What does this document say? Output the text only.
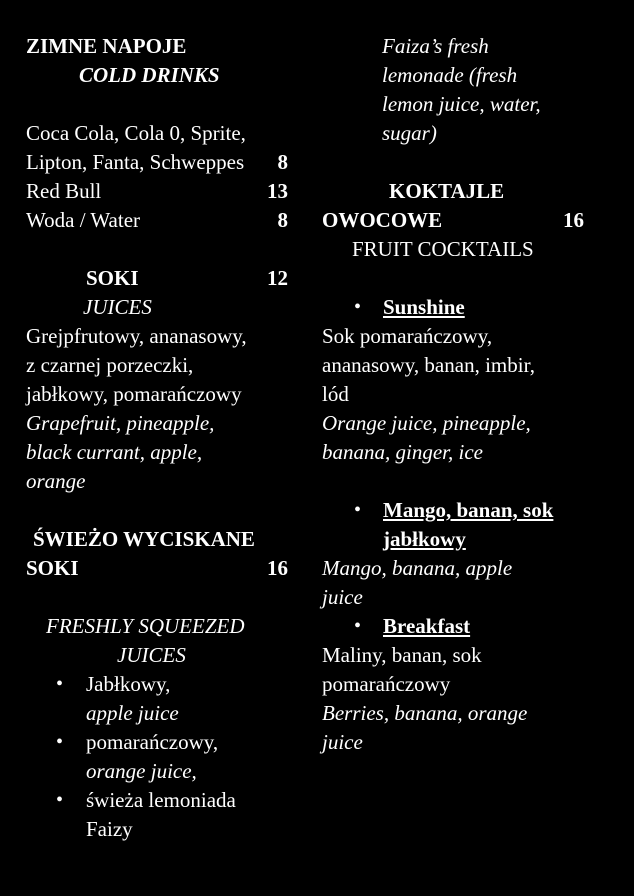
ZIMNE NAPOJE
COLD DRINKS
Coca Cola, Cola 0, Sprite,
Lipton, Fanta, Schweppes 8
Red Bull	13
Woda / Water	8
SOKI	12
JUICES
Grejpfrutowy, ananasowy,
z czarnej porzeczki,
jabłkowy, pomarańczowy
Grapefruit, pineapple,
black currant, apple,
orange
ŚWIEŻO WYCISKANE
SOKI	16
FRESHLY SQUEEZED
JUICES
• Jabłkowy,
apple juice
• pomarańczowy,
orange juice,
• świeża lemoniada
Faizy
Faiza’s fresh
lemonade (fresh
lemon juice, water,
sugar)
KOKTAJLE
OWOCOWE	16
FRUIT COCKTAILS
• Sunshine
Sok pomarańczowy,
ananasowy, banan, imbir,
lód
Orange juice, pineapple,
banana, ginger, ice
• Mango, banan, sok
jabłkowy
Mango, banana, apple
juice
• Breakfast
Maliny, banan, sok
pomarańczowy
Berries, banana, orange
juice
